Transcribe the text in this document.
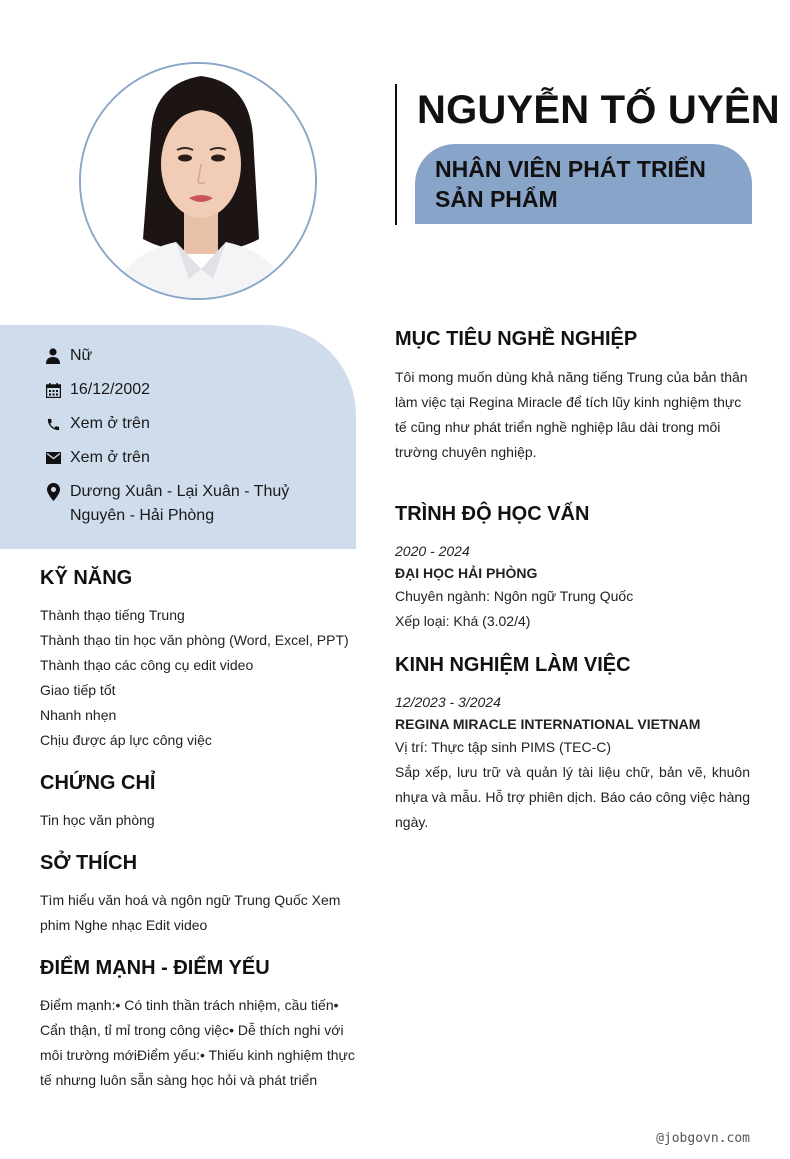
NGUYỄN TỐ UYÊN
NHÂN VIÊN PHÁT TRIỂN SẢN PHẨM
Nữ
16/12/2002
Xem ở trên
Xem ở trên
Dương Xuân - Lại Xuân - Thuỷ Nguyên - Hải Phòng
KỸ NĂNG
Thành thạo tiếng Trung
Thành thạo tin học văn phòng (Word, Excel, PPT)
Thành thạo các công cụ edit video
Giao tiếp tốt
Nhanh nhẹn
Chịu được áp lực công việc
CHỨNG CHỈ
Tin học văn phòng
SỞ THÍCH
Tìm hiểu văn hoá và ngôn ngữ Trung Quốc Xem phim Nghe nhạc Edit video
ĐIỂM MẠNH - ĐIỂM YẾU
Điểm mạnh:• Có tinh thần trách nhiệm, cầu tiến• Cẩn thận, tỉ mỉ trong công việc• Dễ thích nghi với môi trường mớiĐiểm yếu:• Thiếu kinh nghiệm thực tế nhưng luôn sẵn sàng học hỏi và phát triển
MỤC TIÊU NGHỀ NGHIỆP
Tôi mong muốn dùng khả năng tiếng Trung của bản thân làm việc tại Regina Miracle để tích lũy kinh nghiệm thực tế cũng như phát triển nghề nghiệp lâu dài trong môi trường chuyên nghiệp.
TRÌNH ĐỘ HỌC VẤN
2020 - 2024
ĐẠI HỌC HẢI PHÒNG
Chuyên ngành: Ngôn ngữ Trung Quốc
Xếp loại: Khá (3.02/4)
KINH NGHIỆM LÀM VIỆC
12/2023 - 3/2024
REGINA MIRACLE INTERNATIONAL VIETNAM
Vị trí: Thực tập sinh PIMS (TEC-C)
Sắp xếp, lưu trữ và quản lý tài liệu chữ, bản vẽ, khuôn nhựa và mẫu. Hỗ trợ phiên dịch. Báo cáo công việc hàng ngày.
@jobgovn.com
